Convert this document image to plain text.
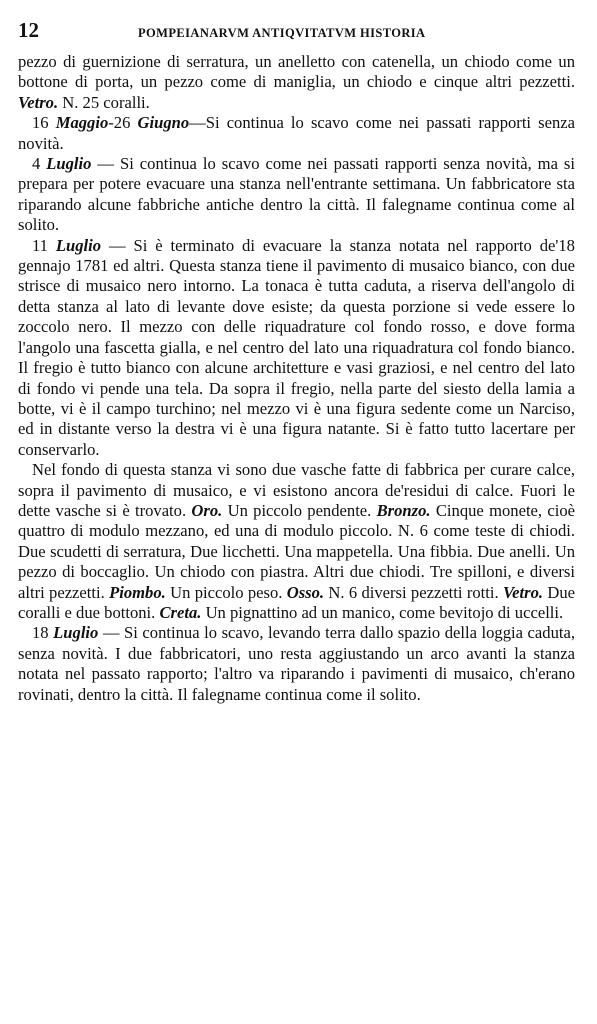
12	POMPEIANARVM ANTIQVITATVM HISTORIA

pezzo di guernizione di serratura, un anelletto con catenella, un chiodo come un bottone di porta, un pezzo come di maniglia, un chiodo e cinque altri pezzetti. Vetro. N. 25 coralli.

16 Maggio-26 Giugno—Si continua lo scavo come nei passati rapporti senza novità.

4 Luglio — Si continua lo scavo come nei passati rapporti senza novità, ma si prepara per potere evacuare una stanza nell'entrante settimana. Un fabbricatore sta riparando alcune fabbriche antiche dentro la città. Il falegname continua come al solito.

11 Luglio — Si è terminato di evacuare la stanza notata nel rapporto de'18 gennajo 1781 ed altri. Questa stanza tiene il pavimento di musaico bianco, con due strisce di musaico nero intorno. La tonaca è tutta caduta, a riserva dell'angolo di detta stanza al lato di levante dove esiste; da questa porzione si vede essere lo zoccolo nero. Il mezzo con delle riquadrature col fondo rosso, e dove forma l'angolo una fascetta gialla, e nel centro del lato una riquadratura col fondo bianco. Il fregio è tutto bianco con alcune architetture e vasi graziosi, e nel centro del lato di fondo vi pende una tela. Da sopra il fregio, nella parte del siesto della lamia a botte, vi è il campo turchino; nel mezzo vi è una figura sedente come un Narciso, ed in distante verso la destra vi è una figura natante. Si è fatto tutto lacertare per conservarlo.

Nel fondo di questa stanza vi sono due vasche fatte di fabbrica per curare calce, sopra il pavimento di musaico, e vi esistono ancora de'residui di calce. Fuori le dette vasche si è trovato. Oro. Un piccolo pendente. Bronzo. Cinque monete, cioè quattro di modulo mezzano, ed una di modulo piccolo. N. 6 come teste di chiodi. Due scudetti di serratura, Due licchetti. Una mappetella. Una fibbia. Due anelli. Un pezzo di boccaglio. Un chiodo con piastra. Altri due chiodi. Tre spilloni, e diversi altri pezzetti. Piombo. Un piccolo peso. Osso. N. 6 diversi pezzetti rotti. Vetro. Due coralli e due bottoni. Creta. Un pignattino ad un manico, come bevitojo di uccelli.

18 Luglio — Si continua lo scavo, levando terra dallo spazio della loggia caduta, senza novità. I due fabbricatori, uno resta aggiustando un arco avanti la stanza notata nel passato rapporto; l'altro va riparando i pavimenti di musaico, ch'erano rovinati, dentro la città. Il falegname continua come il solito.
